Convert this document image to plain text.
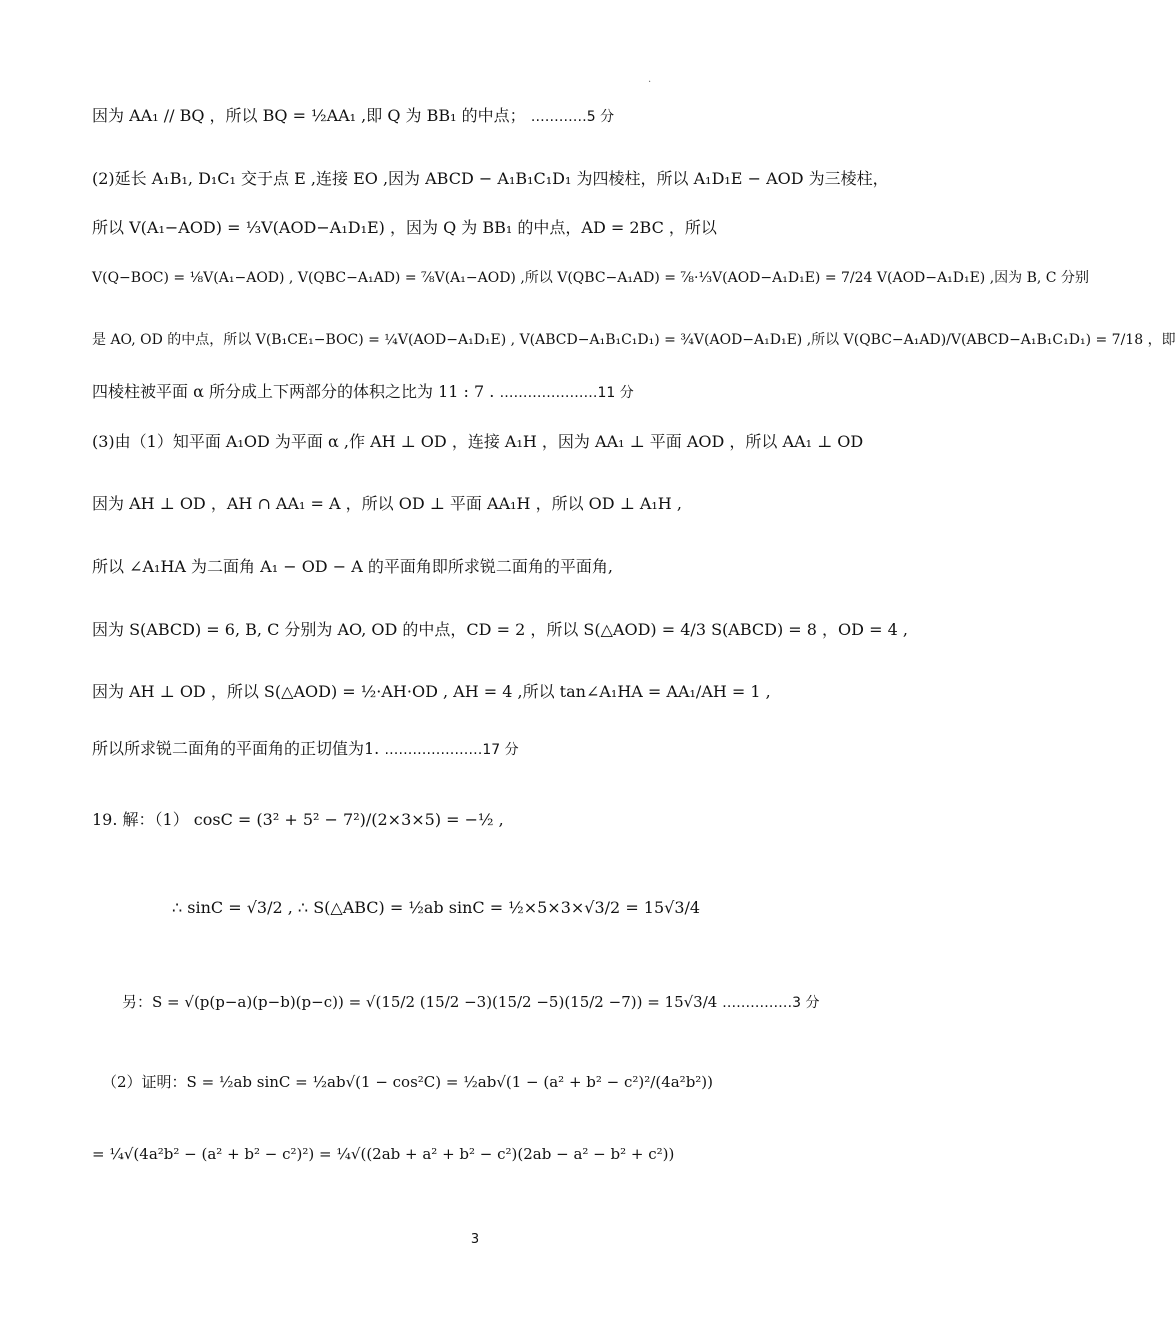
.
因为 AA₁ // BQ ，所以 BQ = ½AA₁ ,即 Q 为 BB₁ 的中点； …………5 分
(2)延长 A₁B₁, D₁C₁ 交于点 E ,连接 EO ,因为 ABCD − A₁B₁C₁D₁ 为四棱柱，所以 A₁D₁E − AOD 为三棱柱，
所以 V(A₁−AOD) = ⅓V(AOD−A₁D₁E) ，因为 Q 为 BB₁ 的中点，AD = 2BC ，所以
V(Q−BOC) = ⅛V(A₁−AOD) , V(QBC−A₁AD) = ⅞V(A₁−AOD) ,所以 V(QBC−A₁AD) = ⅞·⅓V(AOD−A₁D₁E) = 7/24 V(AOD−A₁D₁E) ,因为 B, C 分别
是 AO, OD 的中点，所以 V(B₁CE₁−BOC) = ¼V(AOD−A₁D₁E) , V(ABCD−A₁B₁C₁D₁) = ¾V(AOD−A₁D₁E) ,所以 V(QBC−A₁AD)/V(ABCD−A₁B₁C₁D₁) = 7/18 ，即
四棱柱被平面 α 所分成上下两部分的体积之比为 11 : 7 . …………………11 分
(3)由（1）知平面 A₁OD 为平面 α ,作 AH ⊥ OD ，连接 A₁H ，因为 AA₁ ⊥ 平面 AOD ，所以 AA₁ ⊥ OD
因为 AH ⊥ OD ，AH ∩ AA₁ = A ，所以 OD ⊥ 平面 AA₁H ，所以 OD ⊥ A₁H ,
所以 ∠A₁HA 为二面角 A₁ − OD − A 的平面角即所求锐二面角的平面角,
因为 S(ABCD) = 6, B, C 分别为 AO, OD 的中点，CD = 2 ，所以 S(△AOD) = 4/3 S(ABCD) = 8 ，OD = 4 ,
因为 AH ⊥ OD ，所以 S(△AOD) = ½·AH·OD , AH = 4 ,所以 tan∠A₁HA = AA₁/AH = 1 ,
所以所求锐二面角的平面角的正切值为1. …………………17 分
19. 解：（1） cosC = (3² + 5² − 7²)/(2×3×5) = −½ ,
∴ sinC = √3/2 , ∴ S(△ABC) = ½ab sinC = ½×5×3×√3/2 = 15√3/4
另：S = √(p(p−a)(p−b)(p−c)) = √(15/2 (15/2 −3)(15/2 −5)(15/2 −7)) = 15√3/4 ……………3 分
（2）证明：S = ½ab sinC = ½ab√(1 − cos²C) = ½ab√(1 − (a² + b² − c²)²/(4a²b²))
= ¼√(4a²b² − (a² + b² − c²)²) = ¼√((2ab + a² + b² − c²)(2ab − a² − b² + c²))
3
